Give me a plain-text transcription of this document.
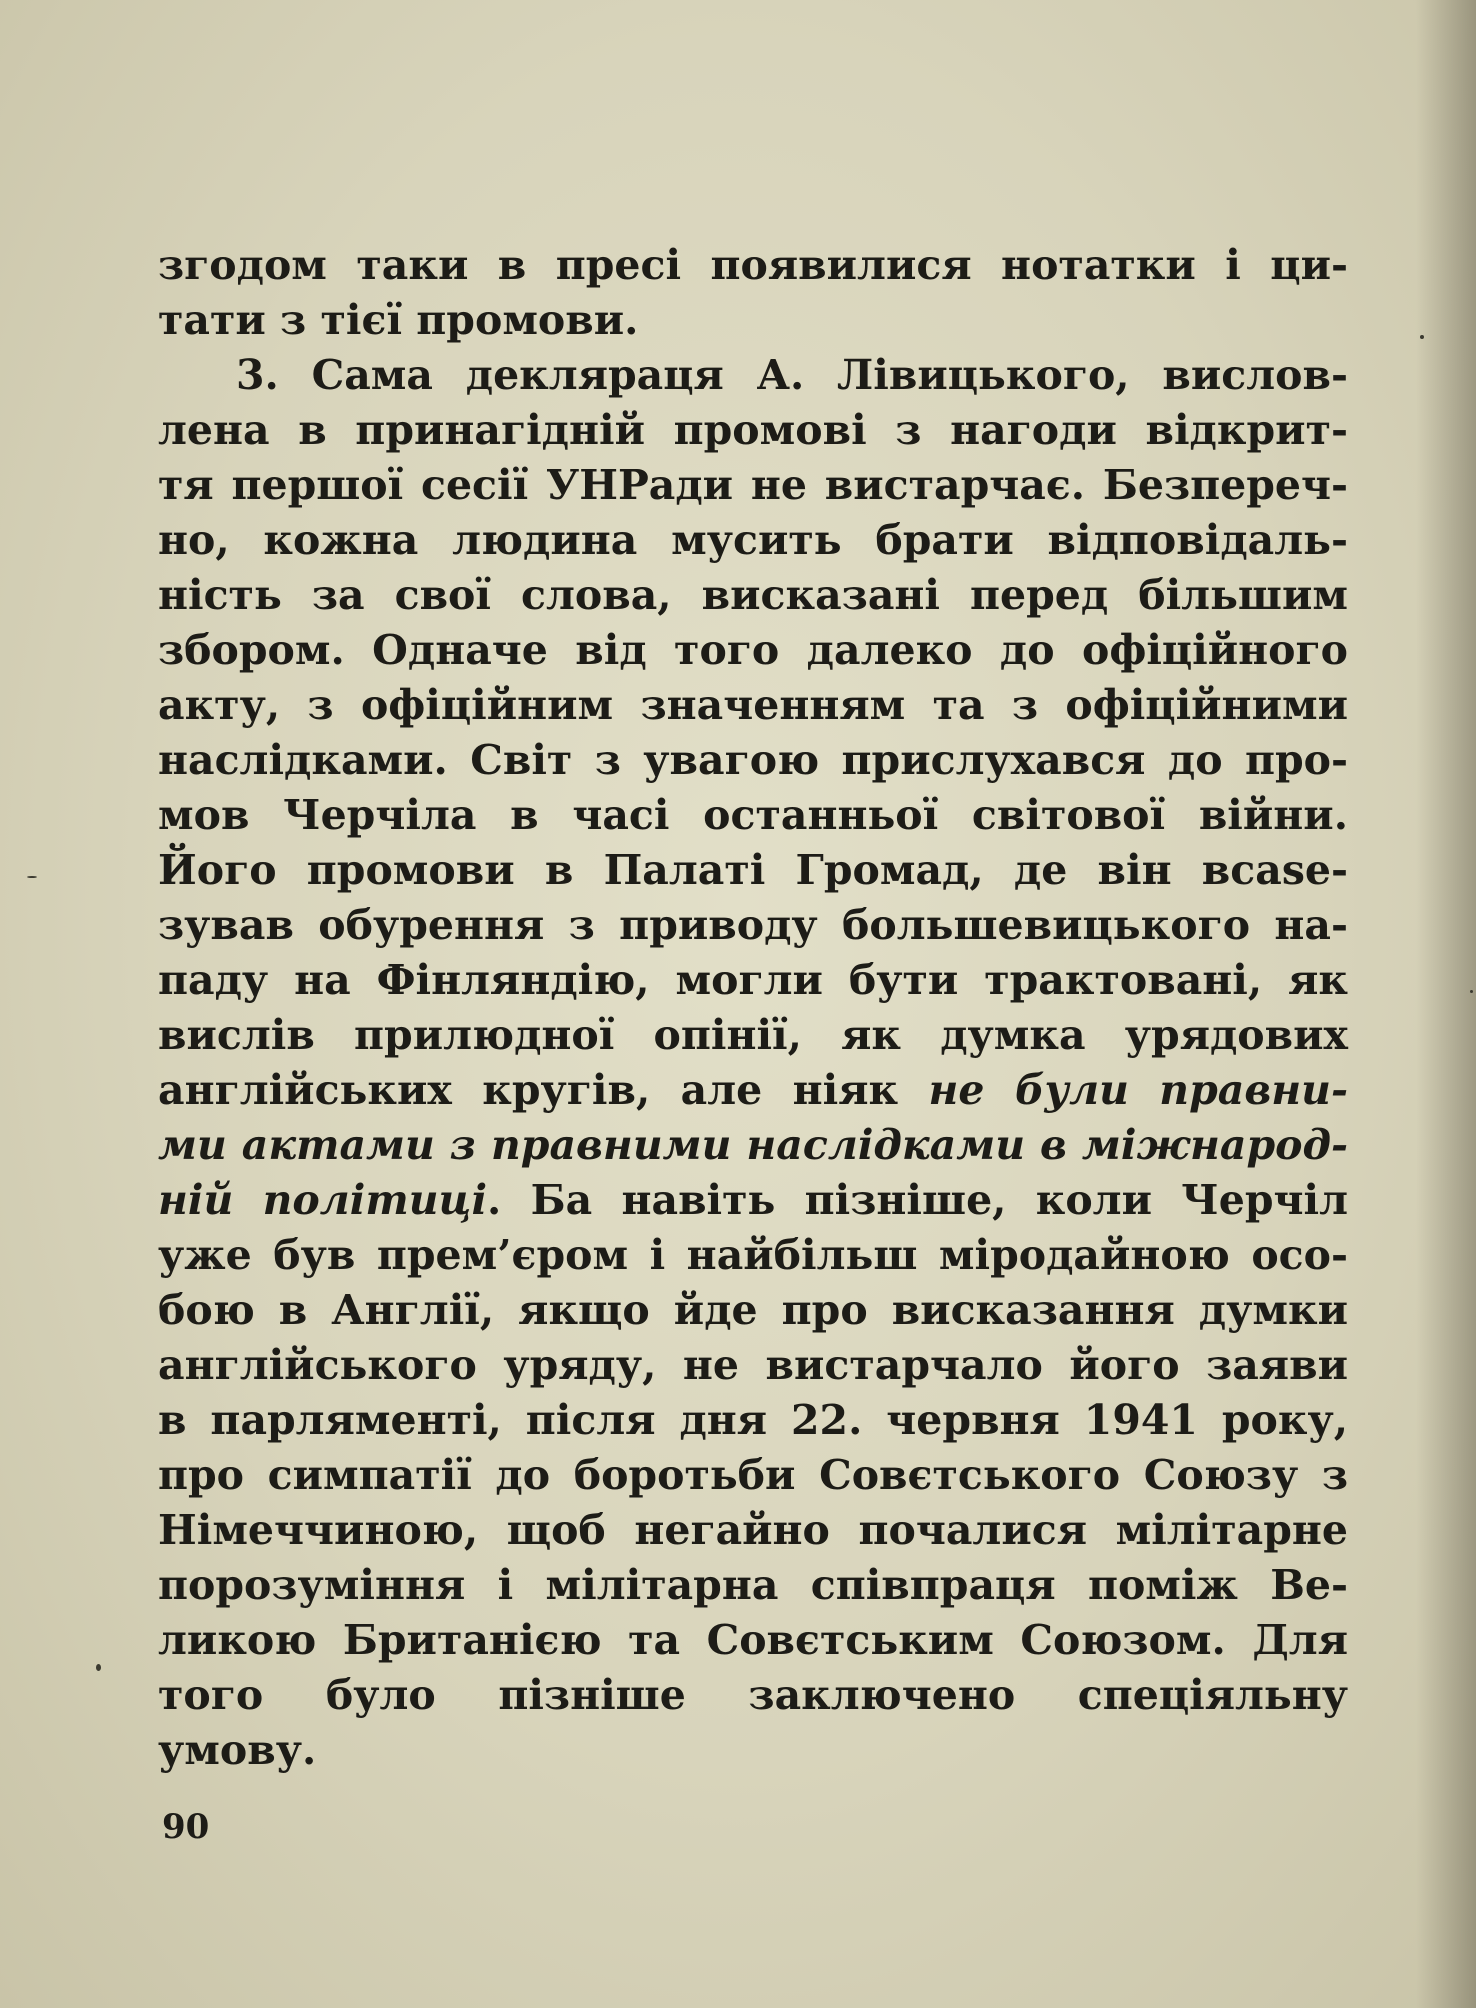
згодом таки в пресі появилися нотатки і ци-
тати з тієї промови.
3. Сама декляраця А. Лівицького, вислов-
лена в принагідній промові з нагоди відкрит-
тя першої сесії УНРади не вистарчає. Безпереч-
но, кожна людина мусить брати відповідаль-
ність за свої слова, висказані перед більшим
збором. Одначе від того далеко до офіційного
акту, з офіційним значенням та з офіційними
наслідками. Світ з увагою прислухався до про-
мов Черчіла в часі останньої світової війни.
Його промови в Палаті Громад, де він вcase-
зував обурення з приводу большевицького на-
паду на Фінляндію, могли бути трактовані, як
вислів прилюдної опінії, як думка урядових
англійських кругів, але ніяк не були правни-
ми актами з правними наслідками в міжнарод-
ній політиці. Ба навіть пізніше, коли Черчіл
уже був прем’єром і найбільш міродайною осо-
бою в Англії, якщо йде про висказання думки
англійського уряду, не вистарчало його заяви
в парляменті, після дня 22. червня 1941 року,
про симпатії до боротьби Совєтського Союзу з
Німеччиною, щоб негайно почалися мілітарне
порозуміння і мілітарна співпраця поміж Ве-
ликою Британією та Совєтським Союзом. Для
того було пізніше заключено спеціяльну
умову.
90
